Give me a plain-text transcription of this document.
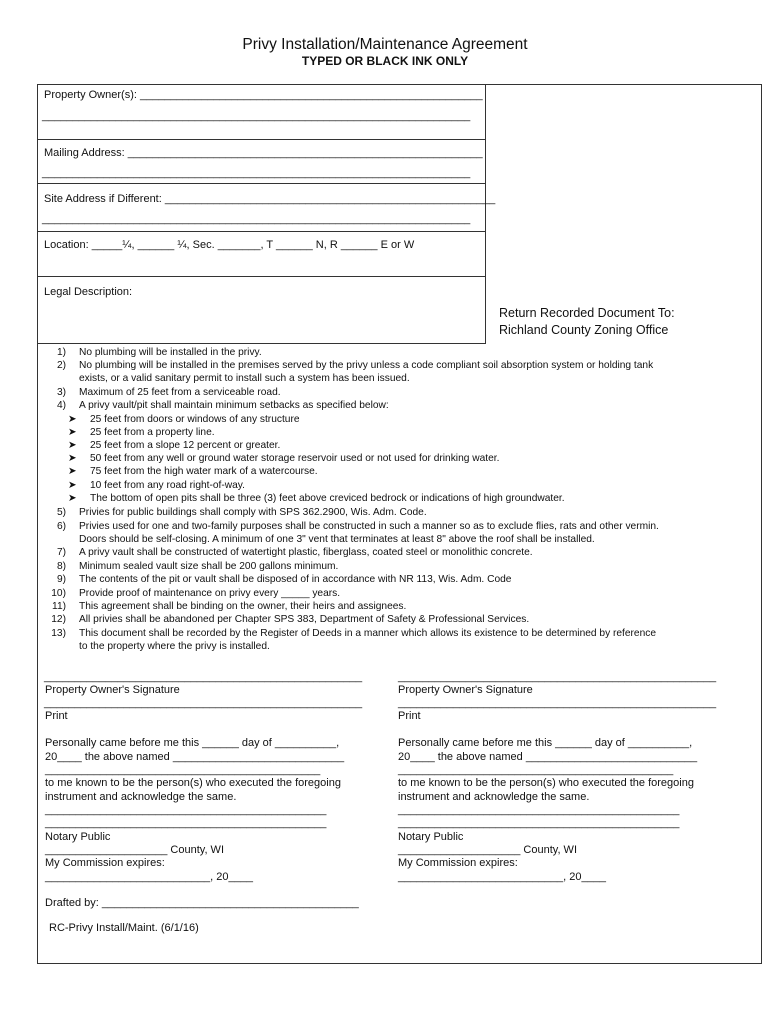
Privy Installation/Maintenance Agreement
TYPED OR BLACK INK ONLY
Property Owner(s): ________________________________________________________
______________________________________________________________________
Mailing Address: __________________________________________________________
______________________________________________________________________
Site Address if Different: ______________________________________________________
______________________________________________________________________
Location: _____¼, ______ ¼, Sec. _______, T ______ N, R ______ E or W
Legal Description:
Return Recorded Document To:
Richland County Zoning Office
1) No plumbing will be installed in the privy.
2) No plumbing will be installed in the premises served by the privy unless a code compliant soil absorption system or holding tank
exists, or a valid sanitary permit to install such a system has been issued.
3) Maximum of 25 feet from a serviceable road.
4) A privy vault/pit shall maintain minimum setbacks as specified below:
➤ 25 feet from doors or windows of any structure
➤ 25 feet from a property line.
➤ 25 feet from a slope 12 percent or greater.
➤ 50 feet from any well or ground water storage reservoir used or not used for drinking water.
➤ 75 feet from the high water mark of a watercourse.
➤ 10 feet from any road right-of-way.
➤ The bottom of open pits shall be three (3) feet above creviced bedrock or indications of high groundwater.
5) Privies for public buildings shall comply with SPS 362.2900, Wis. Adm. Code.
6) Privies used for one and two-family purposes shall be constructed in such a manner so as to exclude flies, rats and other vermin.
Doors should be self-closing. A minimum of one 3" vent that terminates at least 8" above the roof shall be installed.
7) A privy vault shall be constructed of watertight plastic, fiberglass, coated steel or monolithic concrete.
8) Minimum sealed vault size shall be 200 gallons minimum.
9) The contents of the pit or vault shall be disposed of in accordance with NR 113, Wis. Adm. Code
10) Provide proof of maintenance on privy every _____ years.
11) This agreement shall be binding on the owner, their heirs and assignees.
12) All privies shall be abandoned per Chapter SPS 383, Department of Safety & Professional Services.
13) This document shall be recorded by the Register of Deeds in a manner which allows its existence to be determined by reference
to the property where the privy is installed.
____________________________________________________
Property Owner's Signature
____________________________________________________
Print
Personally came before me this ______ day of __________,
20____ the above named ____________________________
_____________________________________________
to me known to be the person(s) who executed the foregoing
instrument and acknowledge the same.
______________________________________________
______________________________________________
Notary Public
____________________ County, WI
My Commission expires:
___________________________, 20____
____________________________________________________
Property Owner's Signature
____________________________________________________
Print
Personally came before me this ______ day of __________,
20____ the above named ____________________________
_____________________________________________
to me known to be the person(s) who executed the foregoing
instrument and acknowledge the same.
______________________________________________
______________________________________________
Notary Public
____________________ County, WI
My Commission expires:
___________________________, 20____
Drafted by: __________________________________________
RC-Privy Install/Maint. (6/1/16)
